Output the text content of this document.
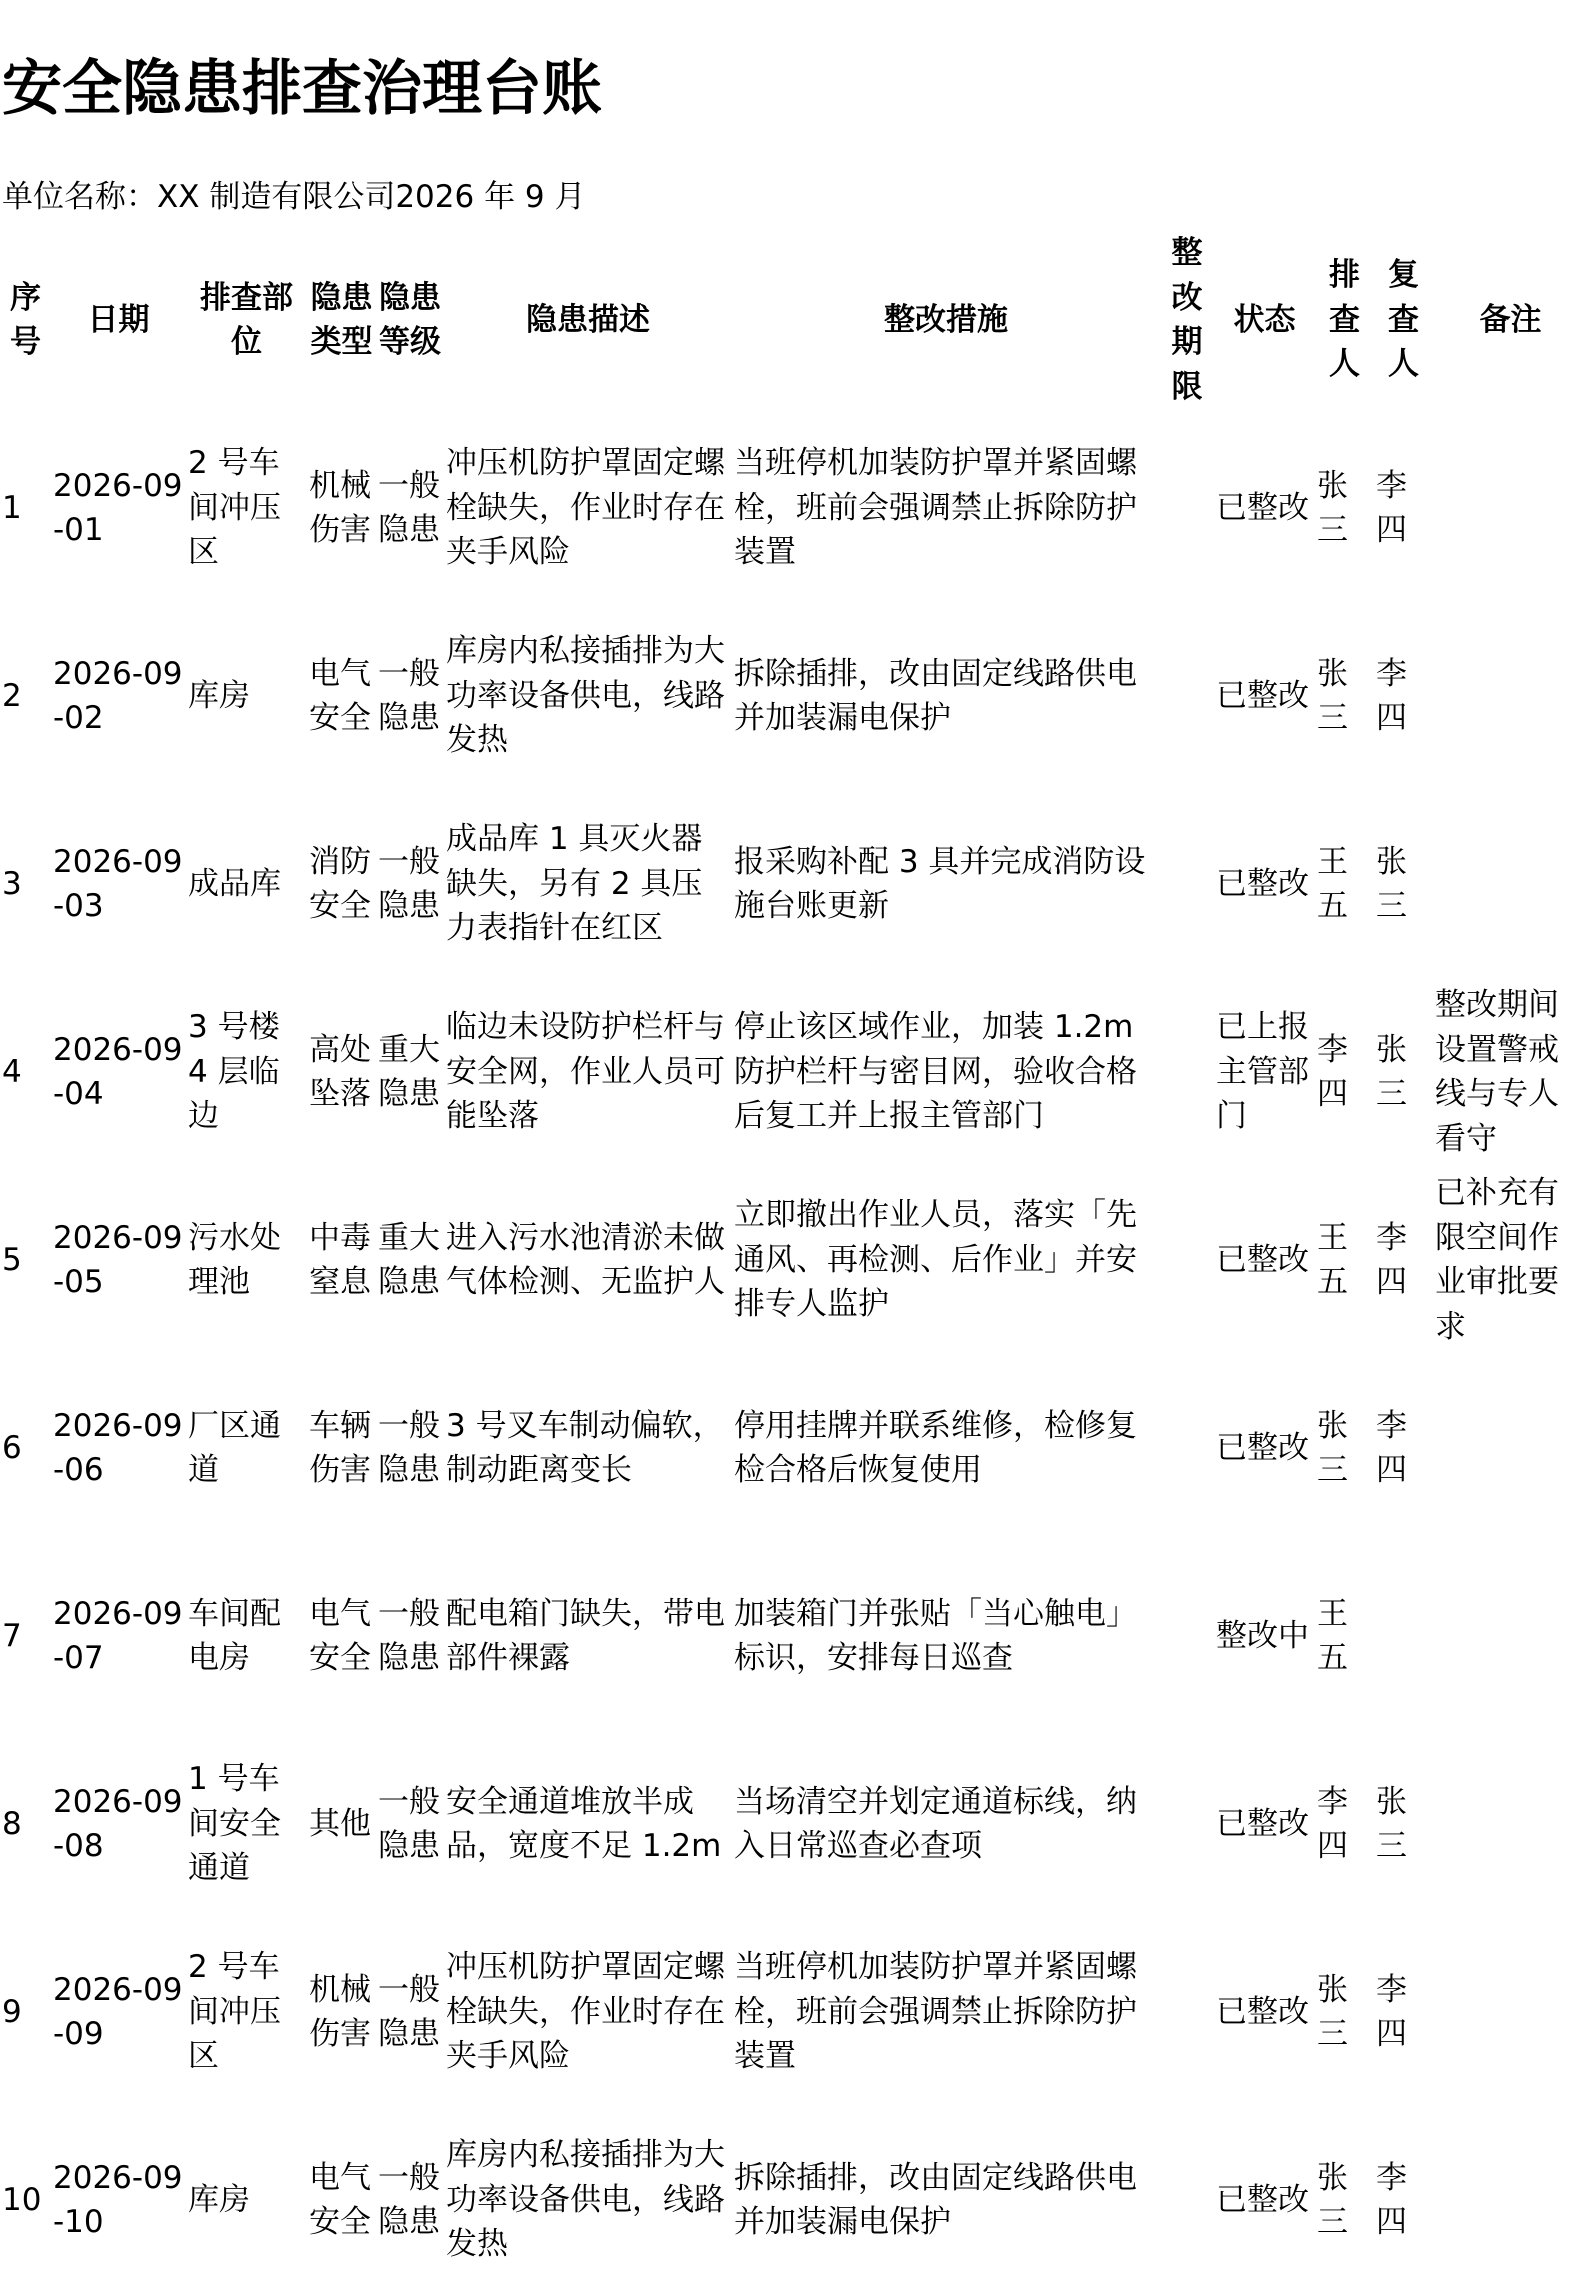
安全隐患排查治理台账
单位名称：XX 制造有限公司2026 年 9 月
序号	日期	排查部位	隐患类型	隐患等级	隐患描述	整改措施	整改期限	状态	排查人	复查人	备注
1	2026-09-01	2 号车间冲压区	机械伤害	一般隐患	冲压机防护罩固定螺栓缺失，作业时存在夹手风险	当班停机加装防护罩并紧固螺栓，班前会强调禁止拆除防护装置		已整改	张三	李四	
2	2026-09-02	库房	电气安全	一般隐患	库房内私接插排为大功率设备供电，线路发热	拆除插排，改由固定线路供电并加装漏电保护		已整改	张三	李四	
3	2026-09-03	成品库	消防安全	一般隐患	成品库 1 具灭火器缺失，另有 2 具压力表指针在红区	报采购补配 3 具并完成消防设施台账更新		已整改	王五	张三	
4	2026-09-04	3 号楼 4 层临边	高处坠落	重大隐患	临边未设防护栏杆与安全网，作业人员可能坠落	停止该区域作业，加装 1.2m 防护栏杆与密目网，验收合格后复工并上报主管部门		已上报主管部门	李四	张三	整改期间设置警戒线与专人看守
5	2026-09-05	污水处理池	中毒窒息	重大隐患	进入污水池清淤未做气体检测、无监护人	立即撤出作业人员，落实「先通风、再检测、后作业」并安排专人监护		已整改	王五	李四	已补充有限空间作业审批要求
6	2026-09-06	厂区通道	车辆伤害	一般隐患	3 号叉车制动偏软，制动距离变长	停用挂牌并联系维修，检修复检合格后恢复使用		已整改	张三	李四	
7	2026-09-07	车间配电房	电气安全	一般隐患	配电箱门缺失，带电部件裸露	加装箱门并张贴「当心触电」标识，安排每日巡查		整改中	王五		
8	2026-09-08	1 号车间安全通道	其他	一般隐患	安全通道堆放半成品，宽度不足 1.2m	当场清空并划定通道标线，纳入日常巡查必查项		已整改	李四	张三	
9	2026-09-09	2 号车间冲压区	机械伤害	一般隐患	冲压机防护罩固定螺栓缺失，作业时存在夹手风险	当班停机加装防护罩并紧固螺栓，班前会强调禁止拆除防护装置		已整改	张三	李四	
10	2026-09-10	库房	电气安全	一般隐患	库房内私接插排为大功率设备供电，线路发热	拆除插排，改由固定线路供电并加装漏电保护		已整改	张三	李四	
